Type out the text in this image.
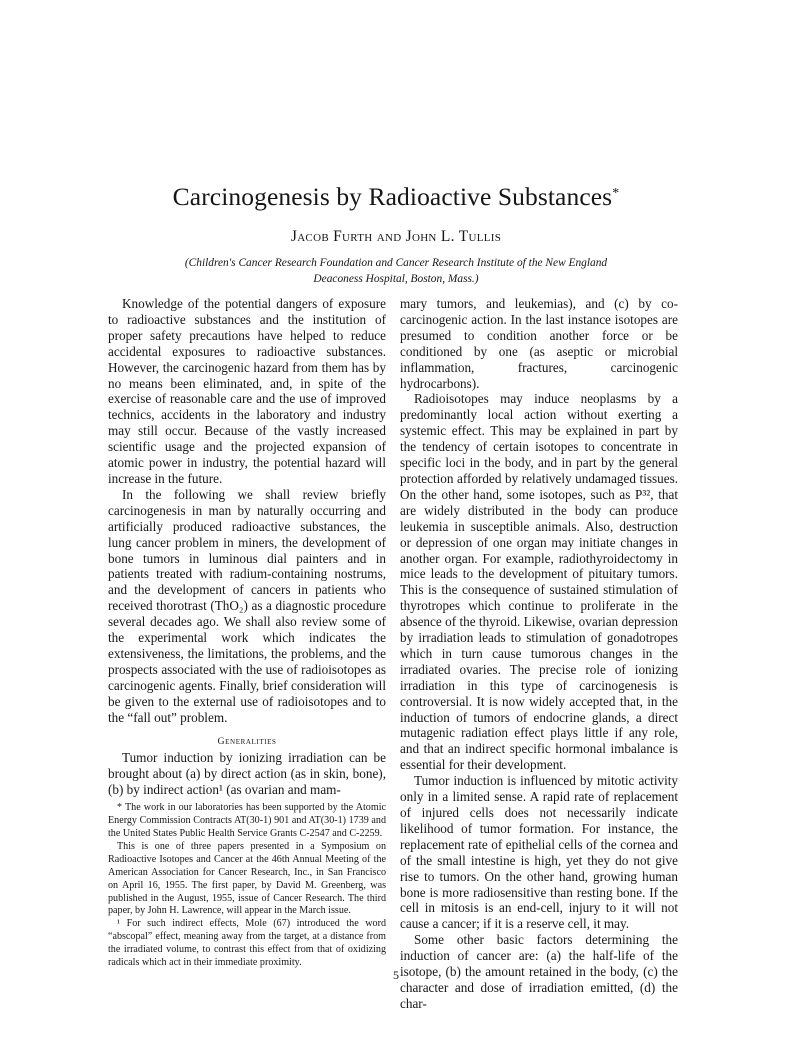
Carcinogenesis by Radioactive Substances*
Jacob Furth and John L. Tullis
(Children's Cancer Research Foundation and Cancer Research Institute of the New England Deaconess Hospital, Boston, Mass.)

Knowledge of the potential dangers of exposure to radioactive substances and the institution of proper safety precautions have helped to reduce accidental exposures to radioactive substances. However, the carcinogenic hazard from them has by no means been eliminated, and, in spite of the exercise of reasonable care and the use of improved technics, accidents in the laboratory and industry may still occur. Because of the vastly increased scientific usage and the projected expansion of atomic power in industry, the potential hazard will increase in the future.

In the following we shall review briefly carcinogenesis in man by naturally occurring and artificially produced radioactive substances, the lung cancer problem in miners, the development of bone tumors in luminous dial painters and in patients treated with radium-containing nostrums, and the development of cancers in patients who received thorotrast (ThO₂) as a diagnostic procedure several decades ago. We shall also review some of the experimental work which indicates the extensiveness, the limitations, the problems, and the prospects associated with the use of radioisotopes as carcinogenic agents. Finally, brief consideration will be given to the external use of radioisotopes and to the “fall out” problem.

Generalities

Tumor induction by ionizing irradiation can be brought about (a) by direct action (as in skin, bone), (b) by indirect action¹ (as ovarian and mam-

* The work in our laboratories has been supported by the Atomic Energy Commission Contracts AT(30-1) 901 and AT(30-1) 1739 and the United States Public Health Service Grants C-2547 and C-2259.

This is one of three papers presented in a Symposium on Radioactive Isotopes and Cancer at the 46th Annual Meeting of the American Association for Cancer Research, Inc., in San Francisco on April 16, 1955. The first paper, by David M. Greenberg, was published in the August, 1955, issue of Cancer Research. The third paper, by John H. Lawrence, will appear in the March issue.

¹ For such indirect effects, Mole (67) introduced the word “abscopal” effect, meaning away from the target, at a distance from the irradiated volume, to contrast this effect from that of oxidizing radicals which act in their immediate proximity.

mary tumors, and leukemias), and (c) by co-carcinogenic action. In the last instance isotopes are presumed to condition another force or be conditioned by one (as aseptic or microbial inflammation, fractures, carcinogenic hydrocarbons).

Radioisotopes may induce neoplasms by a predominantly local action without exerting a systemic effect. This may be explained in part by the tendency of certain isotopes to concentrate in specific loci in the body, and in part by the general protection afforded by relatively undamaged tissues. On the other hand, some isotopes, such as P³², that are widely distributed in the body can produce leukemia in susceptible animals. Also, destruction or depression of one organ may initiate changes in another organ. For example, radiothyroidectomy in mice leads to the development of pituitary tumors. This is the consequence of sustained stimulation of thyrotropes which continue to proliferate in the absence of the thyroid. Likewise, ovarian depression by irradiation leads to stimulation of gonadotropes which in turn cause tumorous changes in the irradiated ovaries. The precise role of ionizing irradiation in this type of carcinogenesis is controversial. It is now widely accepted that, in the induction of tumors of endocrine glands, a direct mutagenic radiation effect plays little if any role, and that an indirect specific hormonal imbalance is essential for their development.

Tumor induction is influenced by mitotic activity only in a limited sense. A rapid rate of replacement of injured cells does not necessarily indicate likelihood of tumor formation. For instance, the replacement rate of epithelial cells of the cornea and of the small intestine is high, yet they do not give rise to tumors. On the other hand, growing human bone is more radiosensitive than resting bone. If the cell in mitosis is an end-cell, injury to it will not cause a cancer; if it is a reserve cell, it may.

Some other basic factors determining the induction of cancer are: (a) the half-life of the isotope, (b) the amount retained in the body, (c) the character and dose of irradiation emitted, (d) the char-

5
